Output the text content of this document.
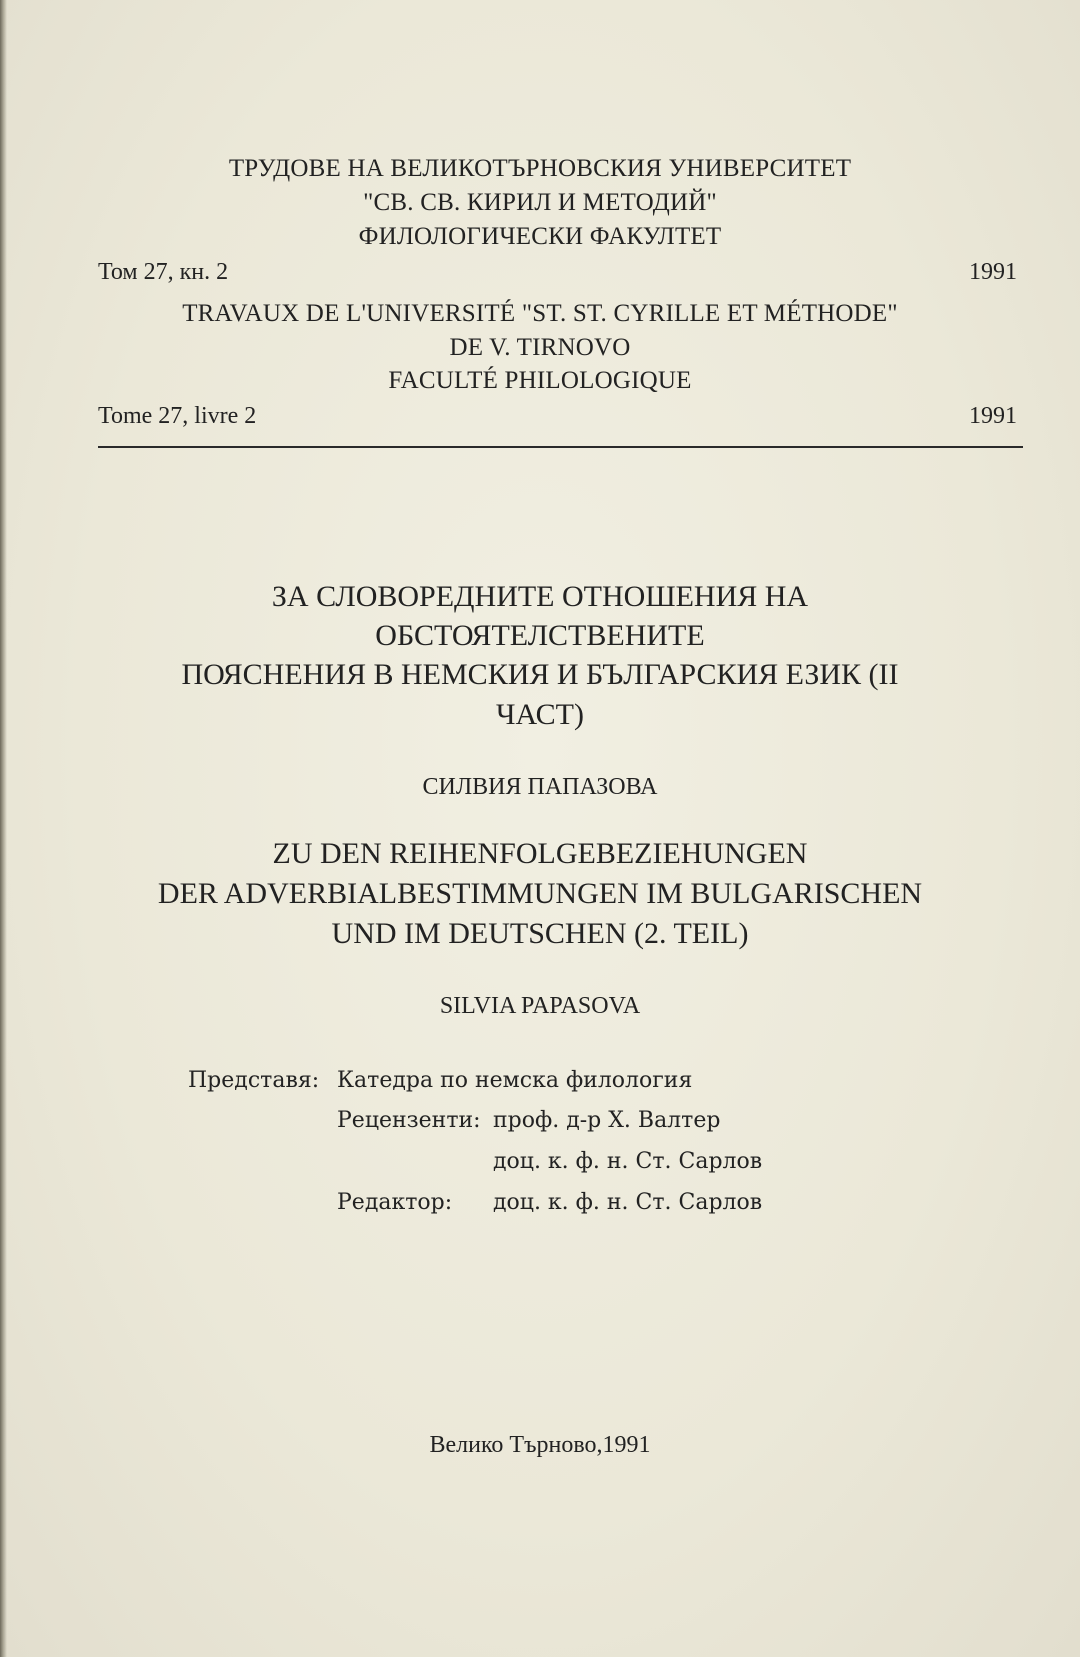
ТРУДОВЕ НА ВЕЛИКОТЪРНОВСКИЯ УНИВЕРСИТЕТ
"СВ. СВ. КИРИЛ И МЕТОДИЙ"
ФИЛОЛОГИЧЕСКИ ФАКУЛТЕТ
Том 27, кн. 2	1991
TRAVAUX DE L'UNIVERSITÉ "ST. ST. CYRILLE ET MÉTHODE"
DE V. TIRNOVO
FACULTÉ PHILOLOGIQUE
Tome 27, livre 2	1991
ЗА СЛОВОРЕДНИТЕ ОТНОШЕНИЯ НА
ОБСТОЯТЕЛСТВЕНИТЕ
ПОЯСНЕНИЯ В НЕМСКИЯ И БЪЛГАРСКИЯ ЕЗИК (II
ЧАСТ)
СИЛВИЯ ПАПАЗОВА
ZU DEN REIHENFOLGEBEZIEHUNGEN
DER ADVERBIALBESTIMMUNGEN IM BULGARISCHEN
UND IM DEUTSCHEN (2. TEIL)
SILVIA PAPASOVA
Представя: Катедра по немска филология
Рецензенти: проф. д-р Х. Валтер
доц. к. ф. н. Ст. Сарлов
Редактор: доц. к. ф. н. Ст. Сарлов
Велико Търново,1991
